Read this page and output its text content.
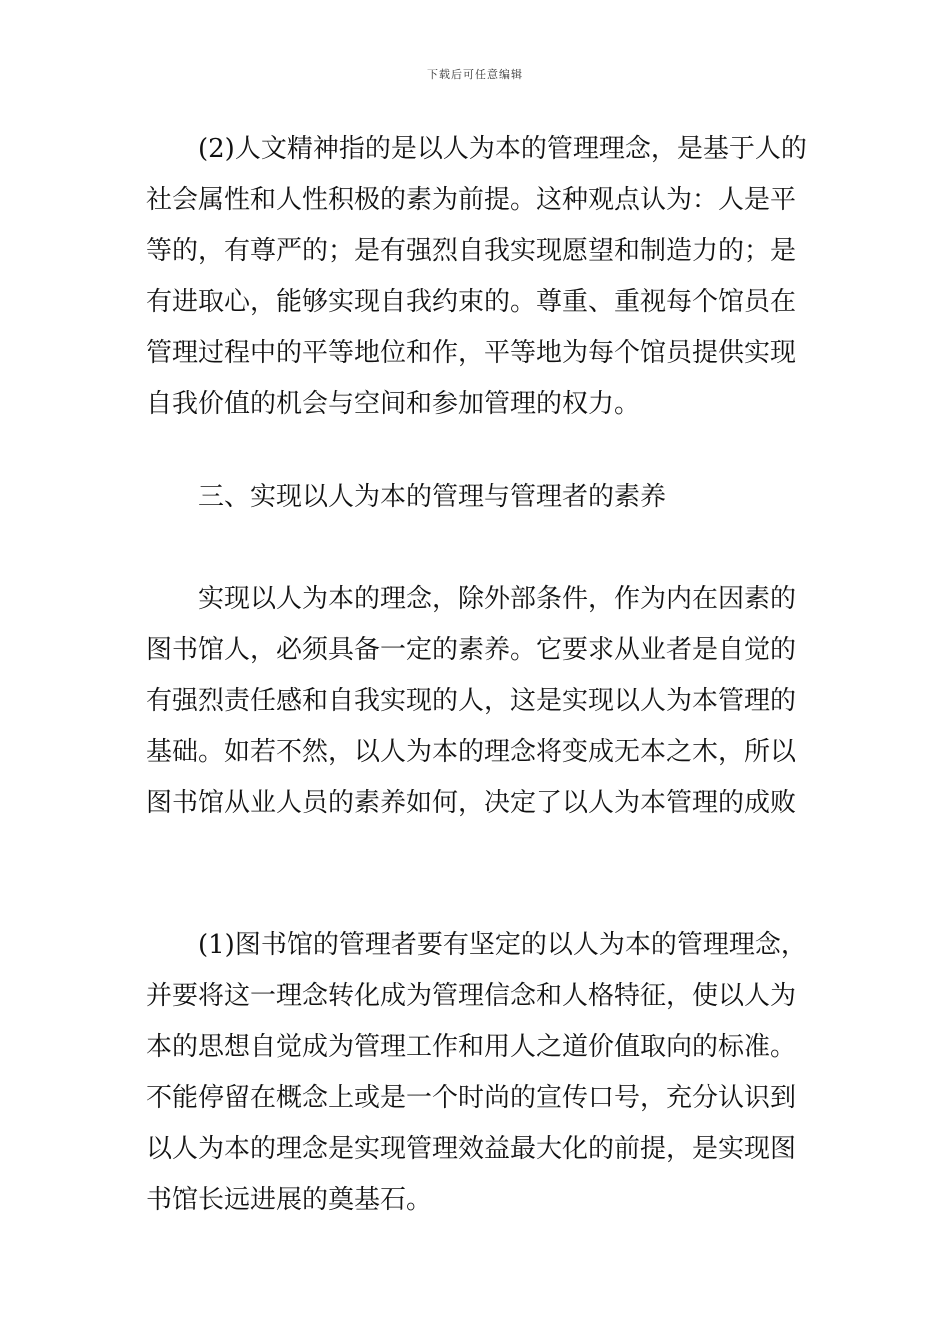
下载后可任意编辑
(2)人文精神指的是以人为本的管理理念，是基于人的
社会属性和人性积极的素为前提。这种观点认为：人是平
等的，有尊严的；是有强烈自我实现愿望和制造力的；是
有进取心，能够实现自我约束的。尊重、重视每个馆员在
管理过程中的平等地位和作，平等地为每个馆员提供实现
自我价值的机会与空间和参加管理的权力。
三、实现以人为本的管理与管理者的素养
实现以人为本的理念，除外部条件，作为内在因素的
图书馆人，必须具备一定的素养。它要求从业者是自觉的
有强烈责任感和自我实现的人，这是实现以人为本管理的
基础。如若不然，以人为本的理念将变成无本之木，所以
图书馆从业人员的素养如何，决定了以人为本管理的成败
(1)图书馆的管理者要有坚定的以人为本的管理理念，
并要将这一理念转化成为管理信念和人格特征，使以人为
本的思想自觉成为管理工作和用人之道价值取向的标准。
不能停留在概念上或是一个时尚的宣传口号，充分认识到
以人为本的理念是实现管理效益最大化的前提，是实现图
书馆长远进展的奠基石。
